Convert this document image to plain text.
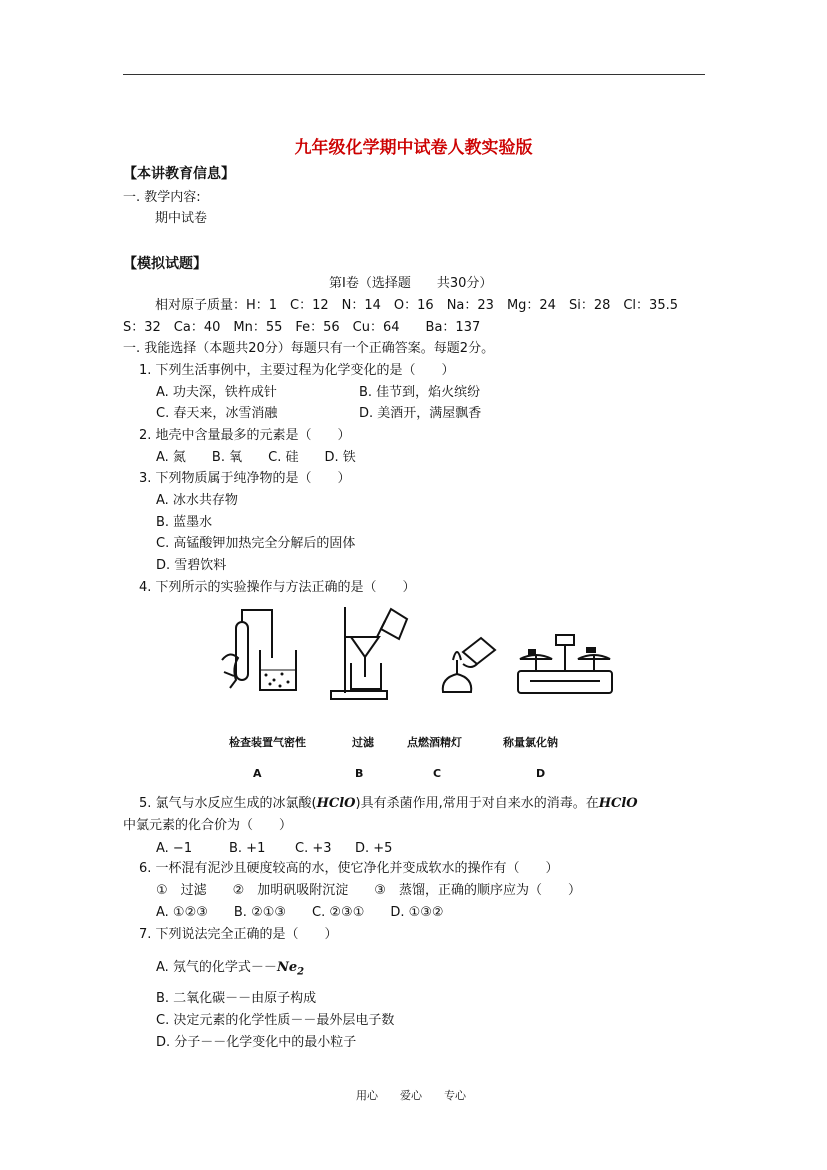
九年级化学期中试卷人教实验版
【本讲教育信息】
一. 教学内容:
期中试卷
【模拟试题】
第I卷（选择题　　共30分）
相对原子质量：H：1　C：12　N：14　O：16　Na：23　Mg：24　Si：28　Cl：35.5
S：32　Ca：40　Mn：55　Fe：56　Cu：64　　Ba：137
一. 我能选择（本题共20分）每题只有一个正确答案。每题2分。
1. 下列生活事例中，主要过程为化学变化的是（　　）
A. 功夫深，铁杵成针	B. 佳节到，焰火缤纷
C. 春天来，冰雪消融	D. 美酒开，满屋飘香
2. 地壳中含量最多的元素是（　　）
A. 氮　　B. 氧　　C. 硅　　D. 铁
3. 下列物质属于纯净物的是（　　）
A. 冰水共存物
B. 蓝墨水
C. 高锰酸钾加热完全分解后的固体
D. 雪碧饮料
4. 下列所示的实验操作与方法正确的是（　　）
检查装置气密性	过滤	点燃酒精灯	称量氯化钠
A	B	C	D
5. 氯气与水反应生成的冰氯酸(HClO)具有杀菌作用,常用于对自来水的消毒。在HClO
中氯元素的化合价为（　　）
A. −1	B. +1 C. +3 D. +5
6. 一杯混有泥沙且硬度较高的水，使它净化并变成软水的操作有（　　）
①　过滤　　②　加明矾吸附沉淀　　③　蒸馏，正确的顺序应为（　　）
A. ①②③　　B. ②①③　　C. ②③①　　D. ①③②
7. 下列说法完全正确的是（　　）
A. 氖气的化学式$--Ne_2$
B. 二氧化碳－－由原子构成
C. 决定元素的化学性质－－最外层电子数
D. 分子－－化学变化中的最小粒子
用心　　爱心　　专心
